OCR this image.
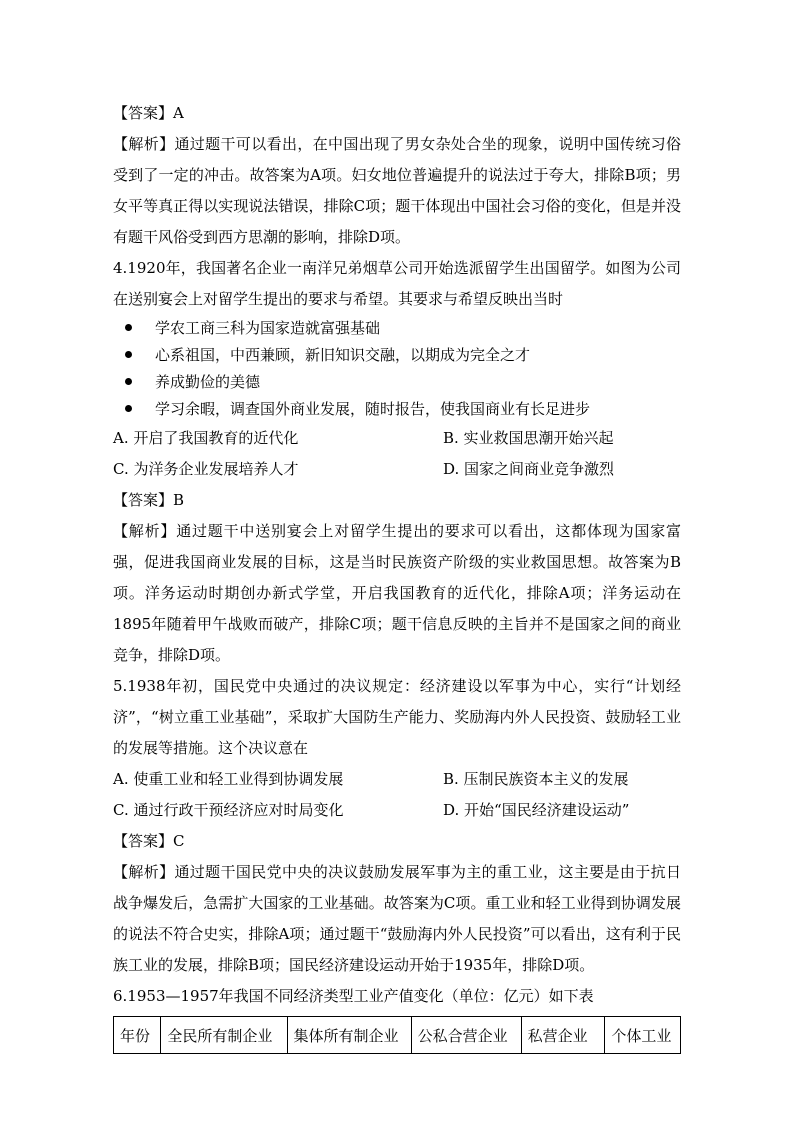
【答案】A
【解析】通过题干可以看出，在中国出现了男女杂处合坐的现象，说明中国传统习俗受到了一定的冲击。故答案为A项。妇女地位普遍提升的说法过于夸大，排除B项；男女平等真正得以实现说法错误，排除C项；题干体现出中国社会习俗的变化，但是并没有题干风俗受到西方思潮的影响，排除D项。
4.1920年，我国著名企业一南洋兄弟烟草公司开始选派留学生出国留学。如图为公司在送别宴会上对留学生提出的要求与希望。其要求与希望反映出当时
学农工商三科为国家造就富强基础
心系祖国，中西兼顾，新旧知识交融，以期成为完全之才
养成勤俭的美德
学习余暇，调查国外商业发展，随时报告，使我国商业有长足进步
A. 开启了我国教育的近代化	B. 实业救国思潮开始兴起
C. 为洋务企业发展培养人才	D. 国家之间商业竞争激烈
【答案】B
【解析】通过题干中送别宴会上对留学生提出的要求可以看出，这都体现为国家富强，促进我国商业发展的目标，这是当时民族资产阶级的实业救国思想。故答案为B项。洋务运动时期创办新式学堂，开启我国教育的近代化，排除A项；洋务运动在1895年随着甲午战败而破产，排除C项；题干信息反映的主旨并不是国家之间的商业竞争，排除D项。
5.1938年初，国民党中央通过的决议规定：经济建设以军事为中心，实行“计划经济”，“树立重工业基础”，采取扩大国防生产能力、奖励海内外人民投资、鼓励轻工业的发展等措施。这个决议意在
A. 使重工业和轻工业得到协调发展	B. 压制民族资本主义的发展
C. 通过行政干预经济应对时局变化	D. 开始“国民经济建设运动”
【答案】C
【解析】通过题干国民党中央的决议鼓励发展军事为主的重工业，这主要是由于抗日战争爆发后，急需扩大国家的工业基础。故答案为C项。重工业和轻工业得到协调发展的说法不符合史实，排除A项；通过题干“鼓励海内外人民投资”可以看出，这有利于民族工业的发展，排除B项；国民经济建设运动开始于1935年，排除D项。
6.1953—1957年我国不同经济类型工业产值变化（单位：亿元）如下表
年份	全民所有制企业	集体所有制企业	公私合营企业	私营企业	个体工业
